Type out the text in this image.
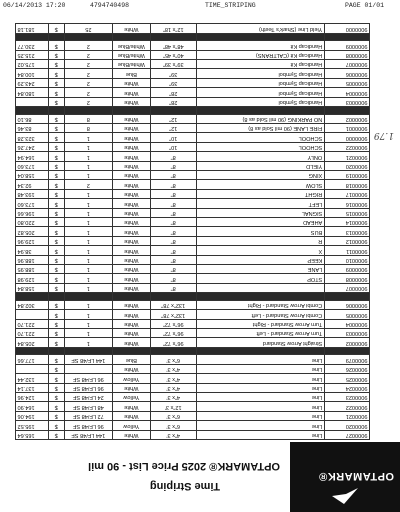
06/14/2013 17:20	4794740498	TIME_STRIPING	PAGE 01/01
OPTAMARK®
OPTAMARK® 2025 Price List - 90 mil
Time Striping
9000027	Line	4"x 3'	White	144 LF/48 SF	$	165.64
9000020	Line	6"x 3'	Yellow	96 LF/48 SF	$	195.52
9000021	Line	6"x 3'	White	72 LF/48 SF	$	194.06
9000022	Line	12"x 3'	White	48 LF/48 SF	$	164.90
9000023	Line	4"x 3'	Yellow	24 LF/48 SF	$	124.96
9000024	Line	4"x 3'	White	96 LF/48 SF	$	137.14
9000025	Line	4"x 3'	Yellow	96 LF/48 SF	$	132.44
9000026	Line	4"x 3'	White		$	
9000079	Line	6"x 3'	Blue	144 LF/48 SF	$	177.66

9000002	Straight Arrow Standard	96"x 72"	White	1	$	205.84
9000003	Turn Arrow Standard - Left	96"x 72"	White	1	$	221.70
9000004	Turn Arrow Standard - Right	96"x 72"	White	1	$	221.70
9000005	Combi Arrow Standard - Left	132"x 78"	White	1	$	
9000006	Combi Arrow Standard - Right	132"x 78"	White	1	$	302.84

9000007		8"	White	1	$	158.84
9000008	STOP	8"	White	1	$	129.98
9000009	LANE	8"	White	1	$	188.95
9000010	KEEP	8"	White	1	$	188.96
9000011	X	8"	White	1	$	38.94
9000012	R	8"	White	1	$	129.96
9000013	BUS	8"	White	1	$	205.82
9000014	AHEAD	8"	White	1	$	220.80
9000015	SIGNAL	8"	White	1	$	196.66
9000016	LEFT	8"	White	1	$	173.60
9000017	RIGHT	8"	White	1	$	193.48
9000018	SLOW	8"	White	2	$	92.34
9000019	XING	8"	White	1	$	158.04
9000020	YIELD	8"	White	1	$	173.60
9000021	ONLY	8"	White	1	$	164.94
9000022	SCHOOL	10"	White	1	$	247.26
9000000	SCHOOL	10"	White	1	$	323.28
9000001	FIRE LANE (90 mil Sold as 8)	12"	White	8	$	83.46
9000002	NO PARKING (90 mil Sold as 8)	12"	White	8	$	86.10

9000003	Handicap Symbol	28"	White	2	$	
9000004	Handicap Symbol	28"	White	2	$	180.84
9000005	Handicap Symbol	39"	White	2	$	243.29
9000006	Handicap Symbol	39"	Blue	2	$	100.84
9000007	Handicap Kit	39"x 39"	White/Blue	2	$	175.02
9000008	Handicap Kit (CALTRANS)	40"x 45"	White/Blue	2	$	215.25
9000009	Handicap Kit	48"x 48"	White/Blue	2	$	230.77

9000000	Yield Line (Shark's Teeth)	12"x 18"	White	25	$	181.18
1.79
